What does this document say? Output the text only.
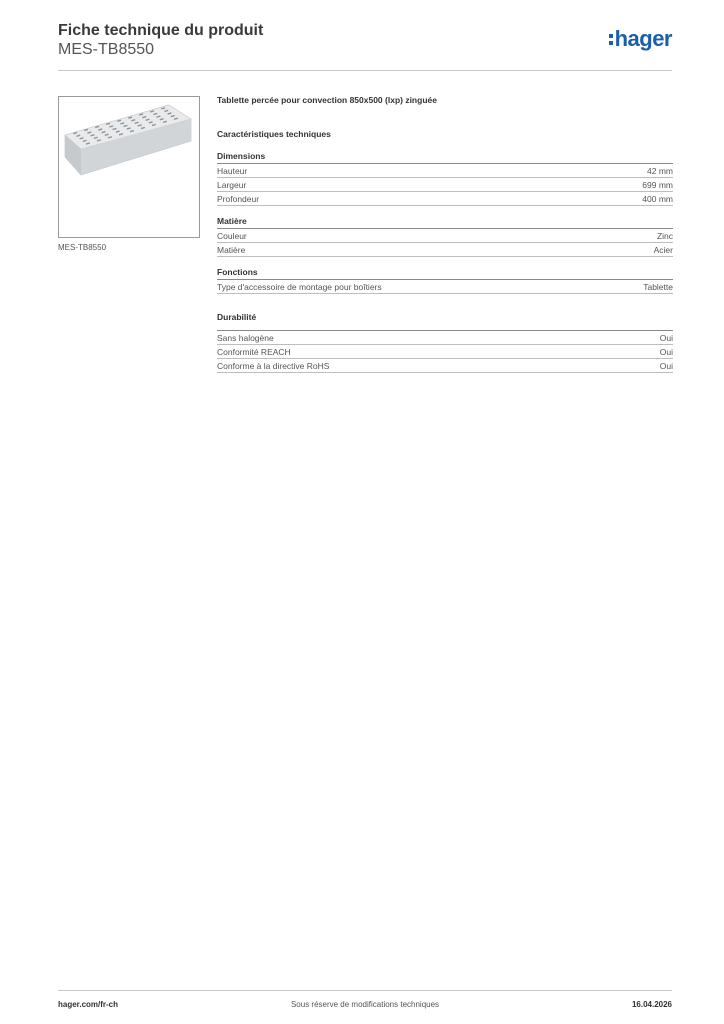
Fiche technique du produit
MES-TB8550	hager
MES-TB8550
Tablette percée pour convection 850x500 (lxp) zinguée
Caractéristiques techniques
Dimensions
Hauteur	42 mm
Largeur	699 mm
Profondeur	400 mm
Matière
Couleur	Zinc
Matière	Acier
Fonctions
Type d'accessoire de montage pour boîtiers	Tablette
Durabilité
Sans halogène	Oui
Conformité REACH	Oui
Conforme à la directive RoHS	Oui
hager.com/fr-ch	Sous réserve de modifications techniques	16.04.2026
